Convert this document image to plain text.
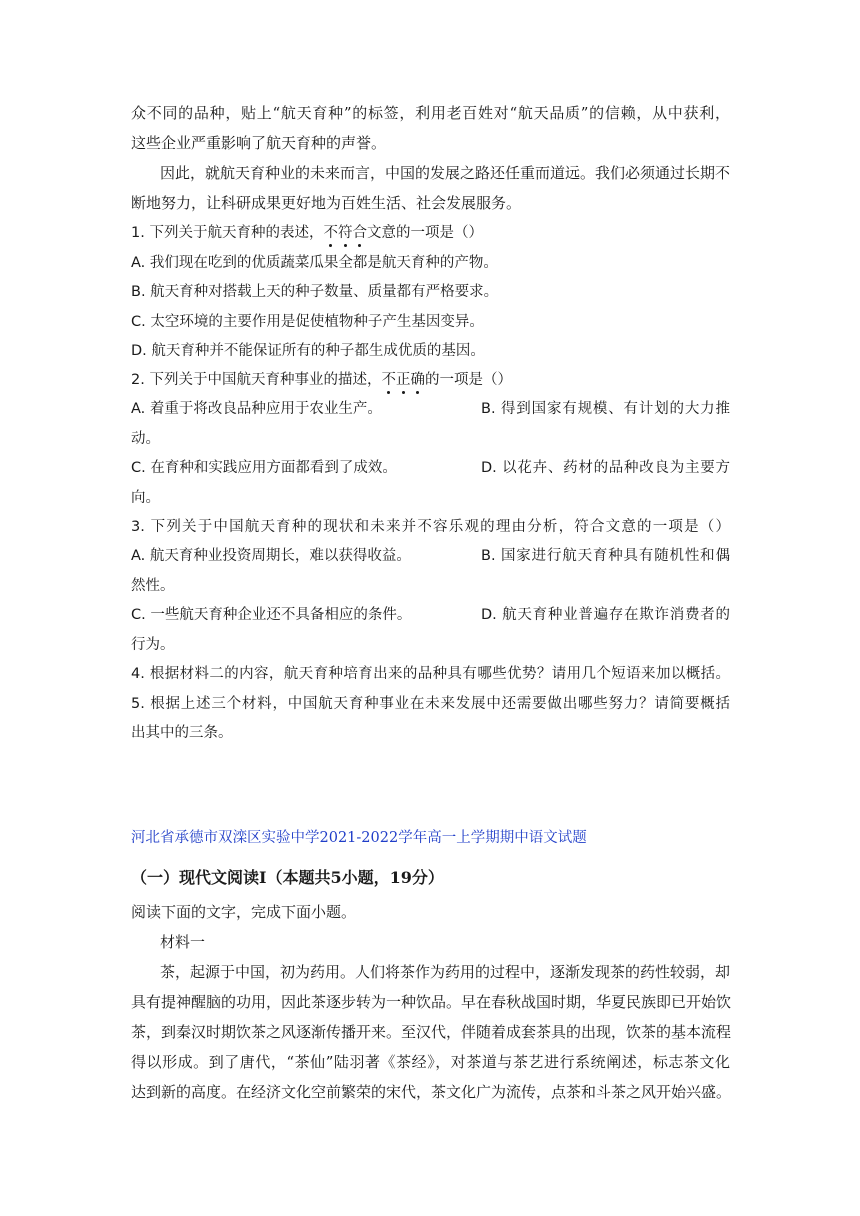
众不同的品种，贴上“航天育种”的标签，利用老百姓对“航天品质”的信赖，从中获利，
这些企业严重影响了航天育种的声誉。
因此，就航天育种业的未来而言，中国的发展之路还任重而道远。我们必须通过长期不
断地努力，让科研成果更好地为百姓生活、社会发展服务。
1. 下列关于航天育种的表述，不符合文意的一项是（）
A. 我们现在吃到的优质蔬菜瓜果全都是航天育种的产物。
B. 航天育种对搭载上天的种子数量、质量都有严格要求。
C. 太空环境的主要作用是促使植物种子产生基因变异。
D. 航天育种并不能保证所有的种子都生成优质的基因。
2. 下列关于中国航天育种事业的描述，不正确的一项是（）
A. 着重于将改良品种应用于农业生产。	B. 得到国家有规模、有计划的大力推
动。
C. 在育种和实践应用方面都看到了成效。	D. 以花卉、药材的品种改良为主要方
向。
3. 下列关于中国航天育种的现状和未来并不容乐观的理由分析，符合文意的一项是（）
A. 航天育种业投资周期长，难以获得收益。	B. 国家进行航天育种具有随机性和偶
然性。
C. 一些航天育种企业还不具备相应的条件。	D. 航天育种业普遍存在欺诈消费者的
行为。
4. 根据材料二的内容，航天育种培育出来的品种具有哪些优势？请用几个短语来加以概括。
5. 根据上述三个材料，中国航天育种事业在未来发展中还需要做出哪些努力？请简要概括
出其中的三条。
河北省承德市双滦区实验中学2021-2022学年高一上学期期中语文试题
（一）现代文阅读Ⅰ（本题共5小题，19分）
阅读下面的文字，完成下面小题。
材料一
茶，起源于中国，初为药用。人们将茶作为药用的过程中，逐渐发现茶的药性较弱，却
具有提神醒脑的功用，因此茶逐步转为一种饮品。早在春秋战国时期，华夏民族即已开始饮
茶，到秦汉时期饮茶之风逐渐传播开来。至汉代，伴随着成套茶具的出现，饮茶的基本流程
得以形成。到了唐代，“茶仙”陆羽著《茶经》，对茶道与茶艺进行系统阐述，标志茶文化
达到新的高度。在经济文化空前繁荣的宋代，茶文化广为流传，点茶和斗茶之风开始兴盛。
